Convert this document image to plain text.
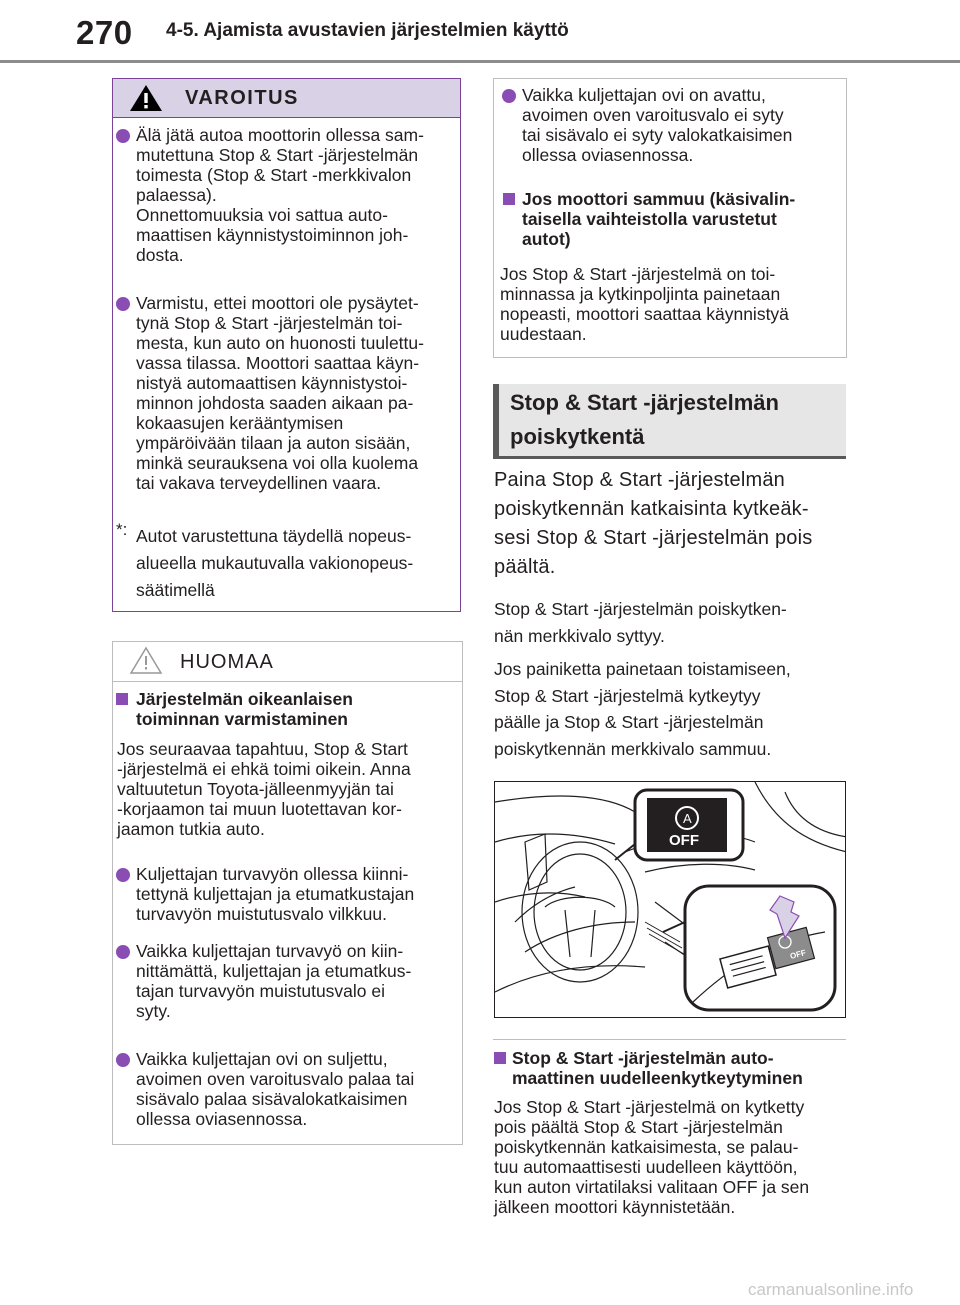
270 4-5. Ajamista avustavien järjestelmien käyttö
VAROITUS
Älä jätä autoa moottorin ollessa sam-
mutettuna Stop & Start -järjestelmän
toimesta (Stop & Start -merkkivalon
palaessa).
Onnettomuuksia voi sattua auto-
maattisen käynnistystoiminnon joh-
dosta.
Varmistu, ettei moottori ole pysäytet-
tynä Stop & Start -järjestelmän toi-
mesta, kun auto on huonosti tuulettu-
vassa tilassa. Moottori saattaa käyn-
nistyä automaattisen käynnistystoi-
minnon johdosta saaden aikaan pa-
kokaasujen kerääntymisen
ympäröivään tilaan ja auton sisään,
minkä seurauksena voi olla kuolema
tai vakava terveydellinen vaara.
*: Autot varustettuna täydellä nopeus-
alueella mukautuvalla vakionopeus-
säätimellä
HUOMAA
Järjestelmän oikeanlaisen
toiminnan varmistaminen
Jos seuraavaa tapahtuu, Stop & Start
-järjestelmä ei ehkä toimi oikein. Anna
valtuutetun Toyota-jälleenmyyjän tai
-korjaamon tai muun luotettavan kor-
jaamon tutkia auto.
Kuljettajan turvavyön ollessa kiinni-
tettynä kuljettajan ja etumatkustajan
turvavyön muistutusvalo vilkkuu.
Vaikka kuljettajan turvavyö on kiin-
nittämättä, kuljettajan ja etumatkus-
tajan turvavyön muistutusvalo ei
syty.
Vaikka kuljettajan ovi on suljettu,
avoimen oven varoitusvalo palaa tai
sisävalo palaa sisävalokatkaisimen
ollessa oviasennossa.
Vaikka kuljettajan ovi on avattu,
avoimen oven varoitusvalo ei syty
tai sisävalo ei syty valokatkaisimen
ollessa oviasennossa.
Jos moottori sammuu (käsivalin-
taisella vaihteistolla varustetut
autot)
Jos Stop & Start -järjestelmä on toi-
minnassa ja kytkinpoljinta painetaan
nopeasti, moottori saattaa käynnistyä
uudestaan.
Stop & Start -järjestelmän
poiskytkentä
Paina Stop & Start -järjestelmän
poiskytkennän katkaisinta kytkeäk-
sesi Stop & Start -järjestelmän pois
päältä.
Stop & Start -järjestelmän poiskytken-
nän merkkivalo syttyy.
Jos painiketta painetaan toistamiseen,
Stop & Start -järjestelmä kytkeytyy
päälle ja Stop & Start -järjestelmän
poiskytkennän merkkivalo sammuu.
A
OFF
OFF
Stop & Start -järjestelmän auto-
maattinen uudelleenkytkeytyminen
Jos Stop & Start -järjestelmä on kytketty
pois päältä Stop & Start -järjestelmän
poiskytkennän katkaisimesta, se palau-
tuu automaattisesti uudelleen käyttöön,
kun auton virtatilaksi valitaan OFF ja sen
jälkeen moottori käynnistetään.
carmanualsonline.info
